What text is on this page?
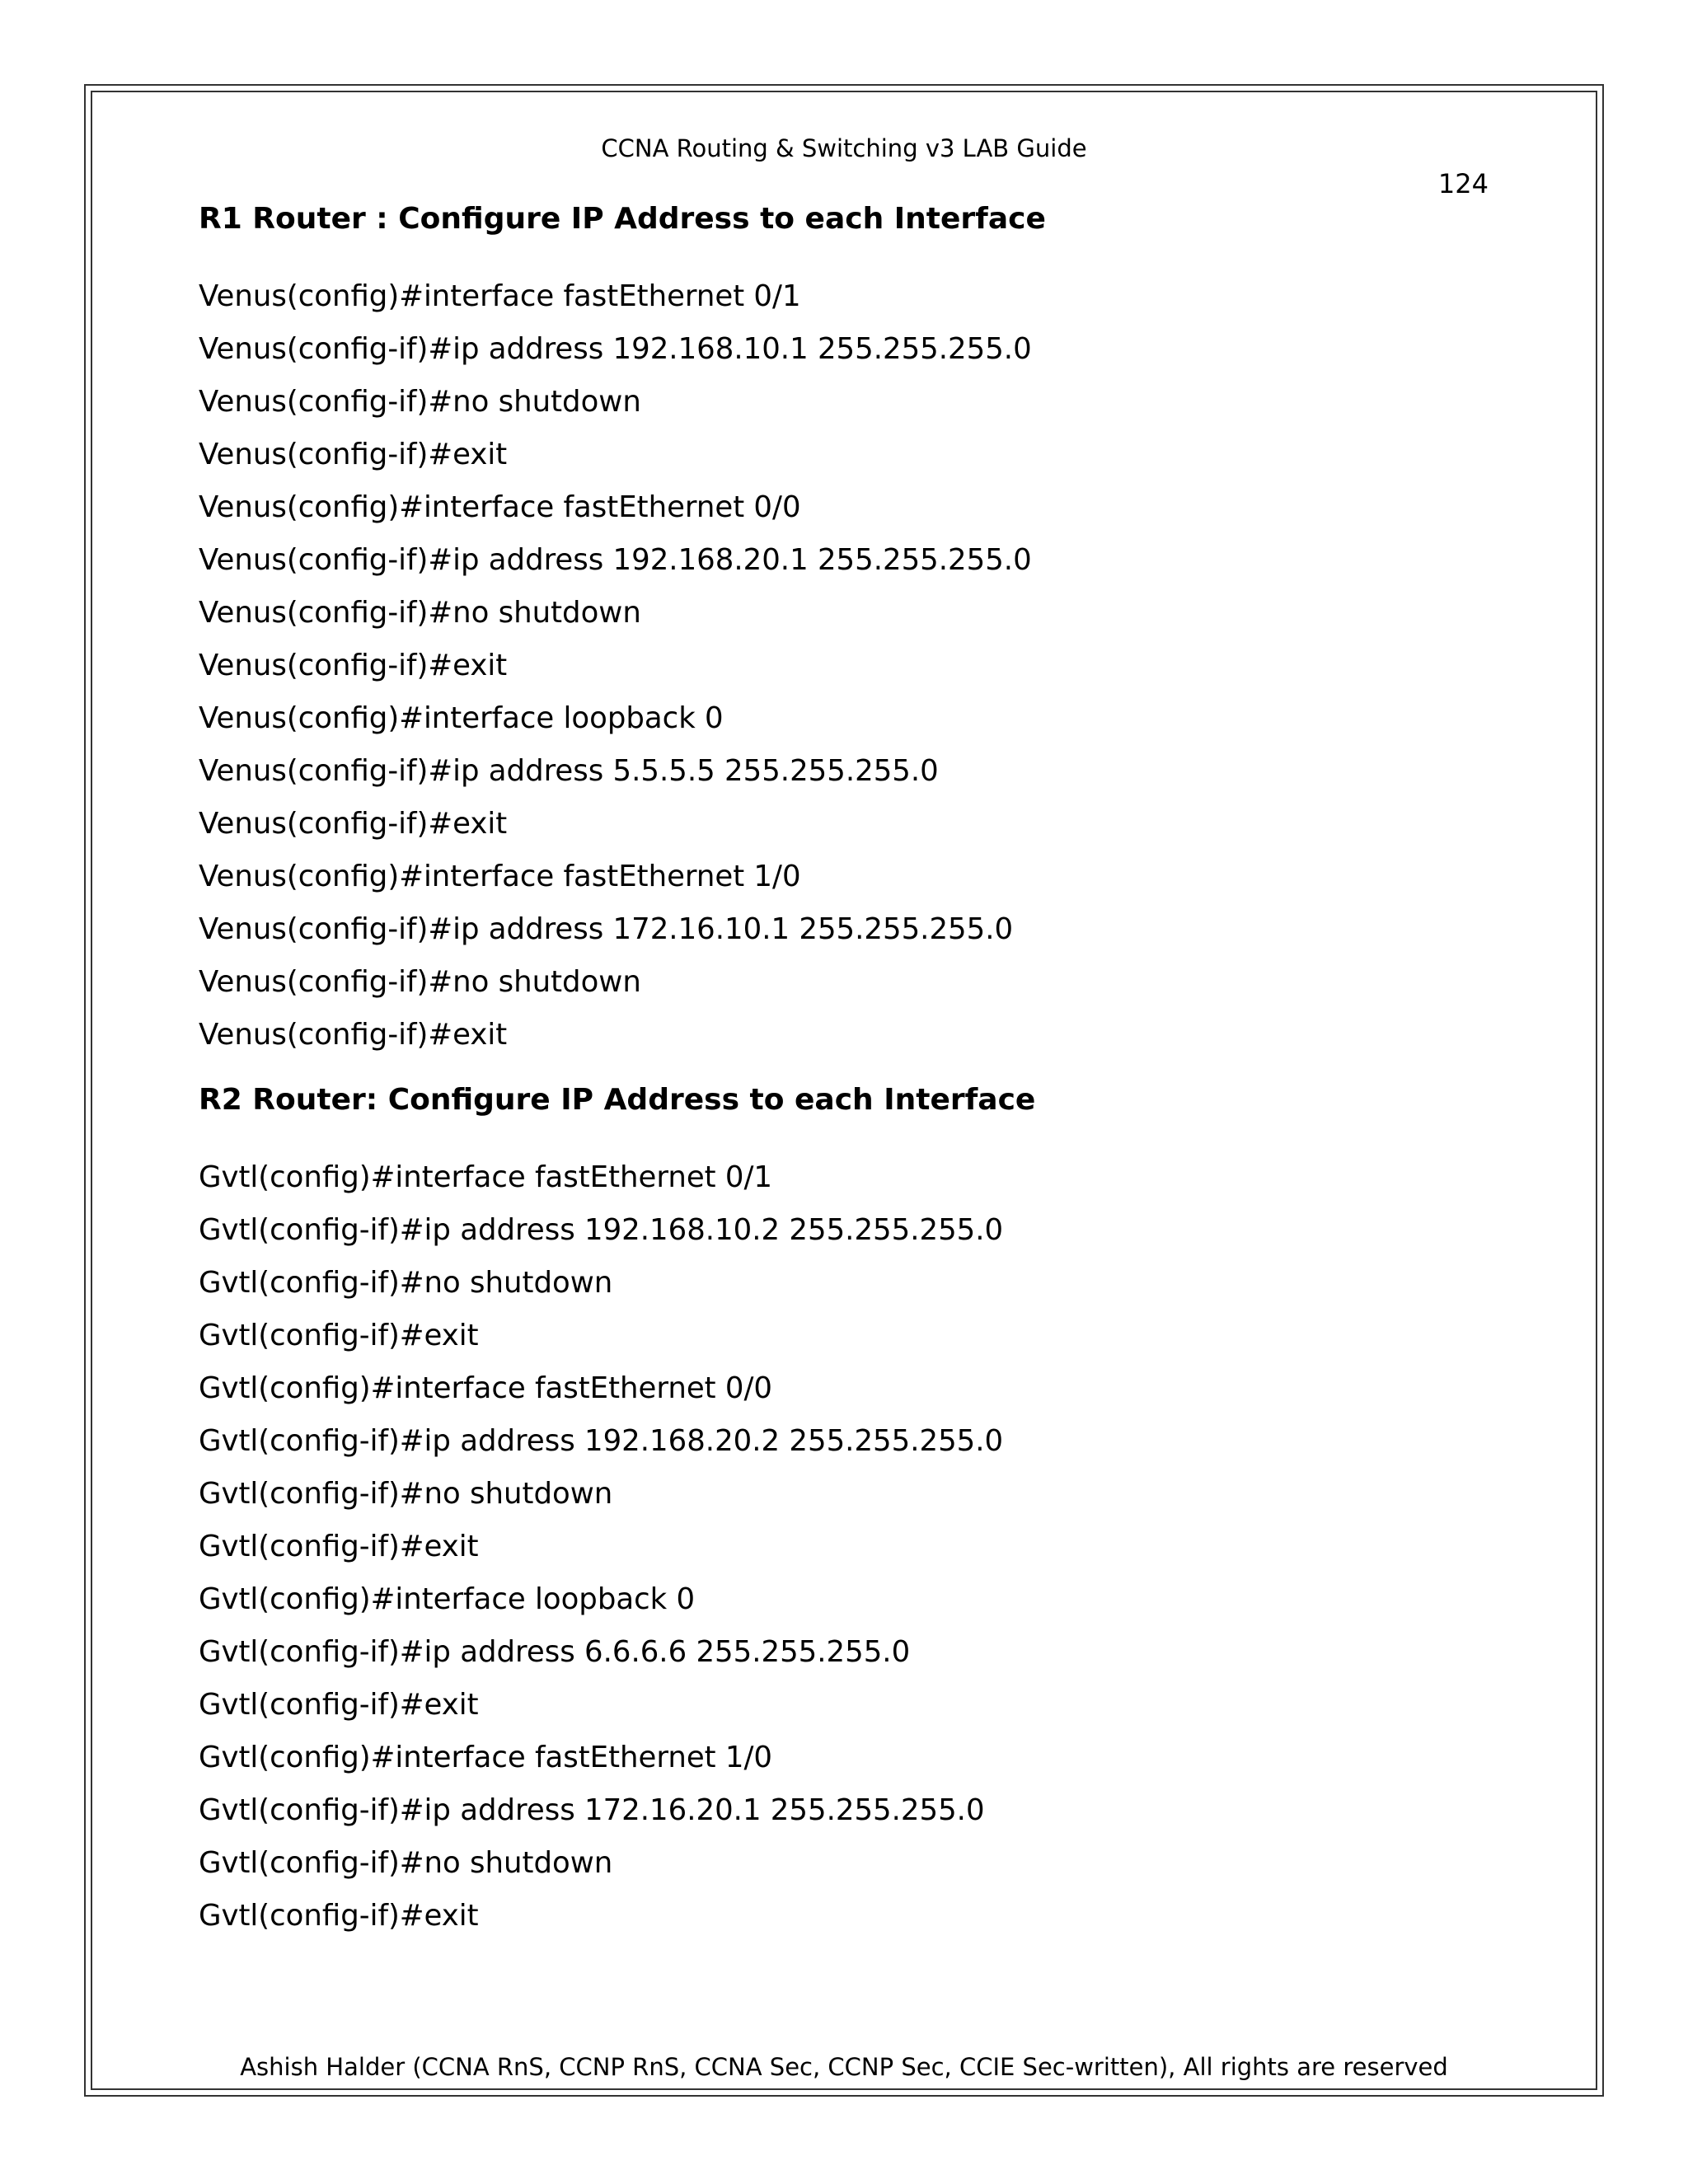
CCNA Routing & Switching v3 LAB Guide
124
R1 Router : Configure IP Address to each Interface
Venus(config)#interface fastEthernet 0/1
Venus(config-if)#ip address 192.168.10.1 255.255.255.0
Venus(config-if)#no shutdown
Venus(config-if)#exit
Venus(config)#interface fastEthernet 0/0
Venus(config-if)#ip address 192.168.20.1 255.255.255.0
Venus(config-if)#no shutdown
Venus(config-if)#exit
Venus(config)#interface loopback 0
Venus(config-if)#ip address 5.5.5.5 255.255.255.0
Venus(config-if)#exit
Venus(config)#interface fastEthernet 1/0
Venus(config-if)#ip address 172.16.10.1 255.255.255.0
Venus(config-if)#no shutdown
Venus(config-if)#exit
R2 Router: Configure IP Address to each Interface
Gvtl(config)#interface fastEthernet 0/1
Gvtl(config-if)#ip address 192.168.10.2 255.255.255.0
Gvtl(config-if)#no shutdown
Gvtl(config-if)#exit
Gvtl(config)#interface fastEthernet 0/0
Gvtl(config-if)#ip address 192.168.20.2 255.255.255.0
Gvtl(config-if)#no shutdown
Gvtl(config-if)#exit
Gvtl(config)#interface loopback 0
Gvtl(config-if)#ip address 6.6.6.6 255.255.255.0
Gvtl(config-if)#exit
Gvtl(config)#interface fastEthernet 1/0
Gvtl(config-if)#ip address 172.16.20.1 255.255.255.0
Gvtl(config-if)#no shutdown
Gvtl(config-if)#exit
Ashish Halder (CCNA RnS, CCNP RnS, CCNA Sec, CCNP Sec, CCIE Sec-written), All rights are reserved
